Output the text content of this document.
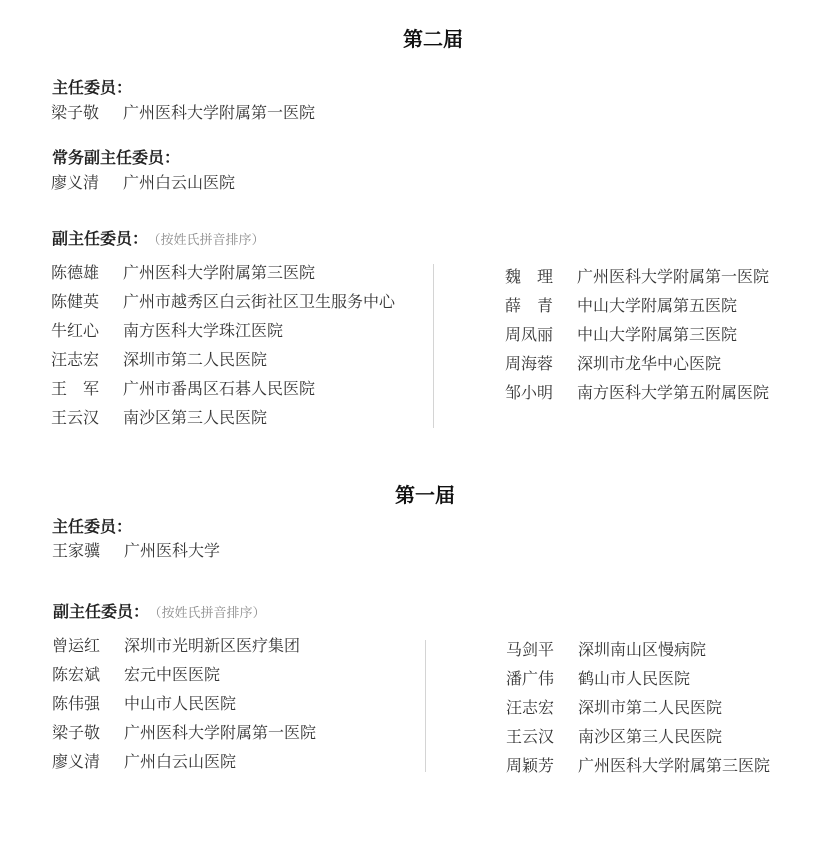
第二届
主任委员：
梁子敬 广州医科大学附属第一医院
常务副主任委员：
廖义清 广州白云山医院
副主任委员： （按姓氏拼音排序）
陈德雄 广州医科大学附属第三医院
陈健英 广州市越秀区白云街社区卫生服务中心
牛红心 南方医科大学珠江医院
汪志宏 深圳市第二人民医院
王　军 广州市番禺区石碁人民医院
王云汉 南沙区第三人民医院
魏　理 广州医科大学附属第一医院
薛　青 中山大学附属第五医院
周凤丽 中山大学附属第三医院
周海蓉 深圳市龙华中心医院
邹小明 南方医科大学第五附属医院
第一届
主任委员：
王家骥 广州医科大学
副主任委员： （按姓氏拼音排序）
曾运红 深圳市光明新区医疗集团
陈宏斌 宏元中医医院
陈伟强 中山市人民医院
梁子敬 广州医科大学附属第一医院
廖义清 广州白云山医院
马剑平 深圳南山区慢病院
潘广伟 鹤山市人民医院
汪志宏 深圳市第二人民医院
王云汉 南沙区第三人民医院
周颖芳 广州医科大学附属第三医院
